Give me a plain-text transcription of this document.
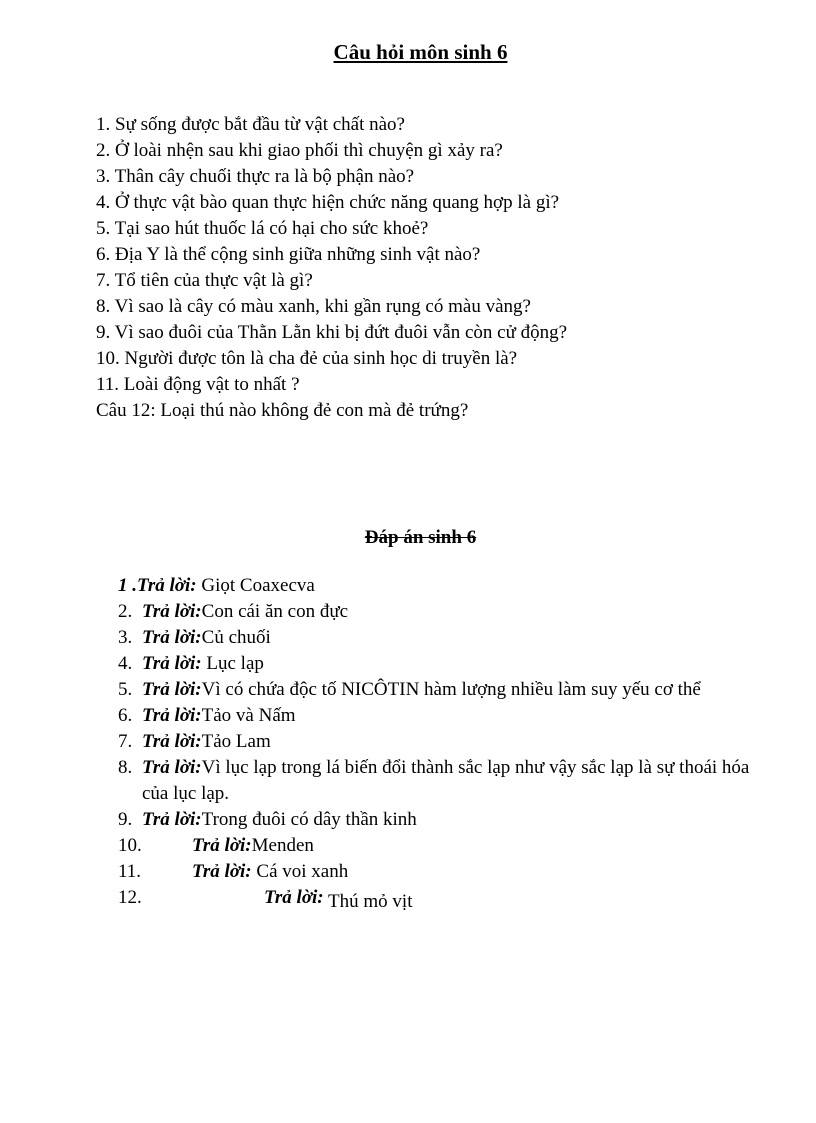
Câu hỏi môn sinh 6
1. Sự sống được bắt đầu từ vật chất nào?
2. Ở loài nhện sau khi giao phối thì chuyện gì xảy ra?
3. Thân cây chuối thực ra là bộ phận nào?
4. Ở thực vật bào quan thực hiện chức năng quang hợp là gì?
5. Tại sao hút thuốc lá có hại cho sức khoẻ?
6. Địa Y là thể cộng sinh giữa những sinh vật nào?
7. Tổ tiên của thực vật là gì?
8. Vì sao là cây có màu xanh, khi gần rụng có màu vàng?
9. Vì sao đuôi của Thằn Lằn khi bị đứt đuôi vẫn còn cử động?
10. Người được tôn là cha đẻ của sinh học di truyền là?
11. Loài động vật to nhất ?
Câu 12: Loại thú nào không đẻ con mà đẻ trứng?
Đáp án sinh 6
1 .Trả lời: Giọt Coaxecva
2. Trả lời:Con cái ăn con đực
3. Trả lời:Củ chuối
4. Trả lời: Lục lạp
5. Trả lời:Vì có chứa độc tố NICÔTIN hàm lượng nhiều làm suy yếu cơ thể
6. Trả lời:Tảo và Nấm
7. Trả lời:Tảo Lam
8. Trả lời:Vì lục lạp trong lá biến đổi thành sắc lạp như vậy sắc lạp là sự thoái hóa của lục lạp.
9. Trả lời:Trong đuôi có dây thần kinh
10.	Trả lời:Menden
11.	Trả lời: Cá voi xanh
12.	Trả lời: Thú mỏ vịt
